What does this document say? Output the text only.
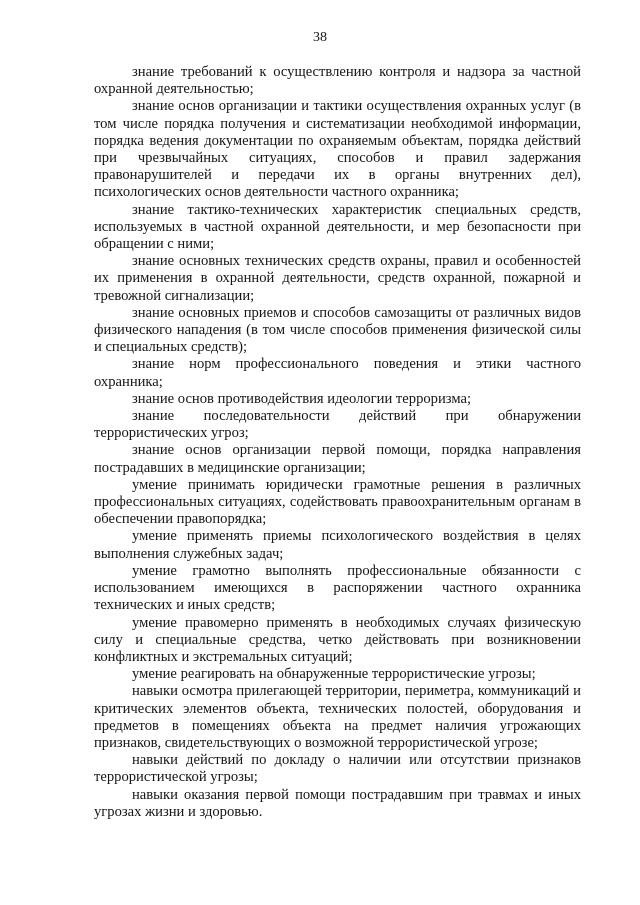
38

знание требований к осуществлению контроля и надзора за частной охранной деятельностью;

знание основ организации и тактики осуществления охранных услуг (в том числе порядка получения и систематизации необходимой информации, порядка ведения документации по охраняемым объектам, порядка действий при чрезвычайных ситуациях, способов и правил задержания правонарушителей и передачи их в органы внутренних дел), психологических основ деятельности частного охранника;

знание тактико-технических характеристик специальных средств, используемых в частной охранной деятельности, и мер безопасности при обращении с ними;

знание основных технических средств охраны, правил и особенностей их применения в охранной деятельности, средств охранной, пожарной и тревожной сигнализации;

знание основных приемов и способов самозащиты от различных видов физического нападения (в том числе способов применения физической силы и специальных средств);

знание норм профессионального поведения и этики частного охранника;

знание основ противодействия идеологии терроризма;

знание последовательности действий при обнаружении террористических угроз;

знание основ организации первой помощи, порядка направления пострадавших в медицинские организации;

умение принимать юридически грамотные решения в различных профессиональных ситуациях, содействовать правоохранительным органам в обеспечении правопорядка;

умение применять приемы психологического воздействия в целях выполнения служебных задач;

умение грамотно выполнять профессиональные обязанности с использованием имеющихся в распоряжении частного охранника технических и иных средств;

умение правомерно применять в необходимых случаях физическую силу и специальные средства, четко действовать при возникновении конфликтных и экстремальных ситуаций;

умение реагировать на обнаруженные террористические угрозы;

навыки осмотра прилегающей территории, периметра, коммуникаций и критических элементов объекта, технических полостей, оборудования и предметов в помещениях объекта на предмет наличия угрожающих признаков, свидетельствующих о возможной террористической угрозе;

навыки действий по докладу о наличии или отсутствии признаков террористической угрозы;

навыки оказания первой помощи пострадавшим при травмах и иных угрозах жизни и здоровью.
